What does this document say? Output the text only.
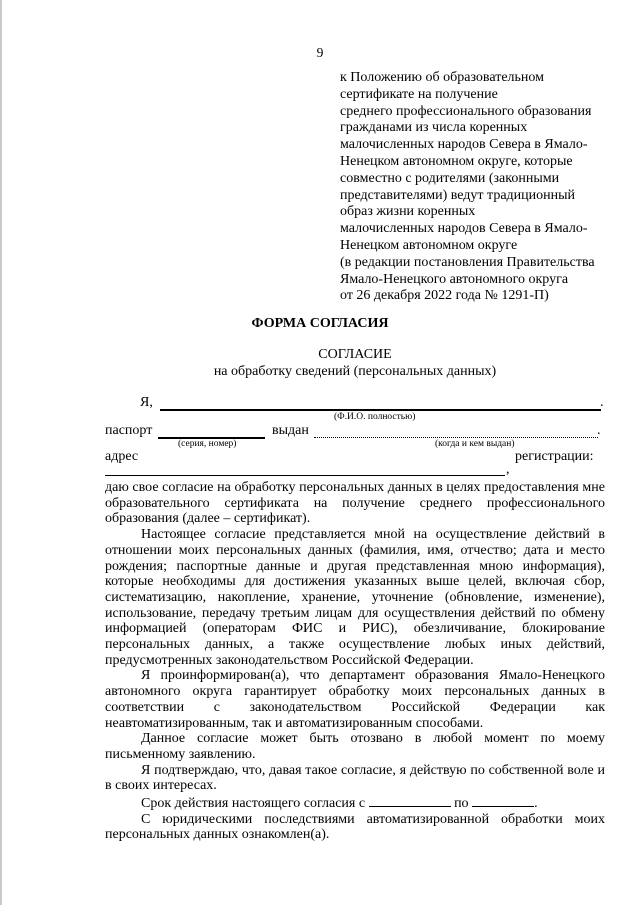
9
к Положению об образовательном
сертификате на получение
среднего профессионального образования
гражданами из числа коренных
малочисленных народов Севера в Ямало-
Ненецком автономном округе, которые
совместно с родителями (законными
представителями) ведут традиционный
образ жизни коренных
малочисленных народов Севера в Ямало-
Ненецком автономном округе
(в редакции постановления Правительства
Ямало-Ненецкого автономного округа
от 26 декабря 2022 года № 1291-П)
ФОРМА СОГЛАСИЯ
СОГЛАСИЕ
на обработку сведений (персональных данных)
Я,	.
(Ф.И.О. полностью)
паспорт	выдан	.
(серия, номер)	(когда и кем выдан)
адрес	регистрации:
,

даю свое согласие на обработку персональных данных в целях предоставления мне образовательного сертификата на получение среднего профессионального образования (далее – сертификат).

Настоящее согласие представляется мной на осуществление действий в отношении моих персональных данных (фамилия, имя, отчество; дата и место рождения; паспортные данные и другая представленная мною информация), которые необходимы для достижения указанных выше целей, включая сбор, систематизацию, накопление, хранение, уточнение (обновление, изменение), использование, передачу третьим лицам для осуществления действий по обмену информацией (операторам ФИС и РИС), обезличивание, блокирование персональных данных, а также осуществление любых иных действий, предусмотренных законодательством Российской Федерации.

Я проинформирован(а), что департамент образования Ямало-Ненецкого автономного округа гарантирует обработку моих персональных данных в соответствии с законодательством Российской Федерации как неавтоматизированным, так и автоматизированным способами.

Данное согласие может быть отозвано в любой момент по моему письменному заявлению.

Я подтверждаю, что, давая такое согласие, я действую по собственной воле и в своих интересах.

Срок действия настоящего согласия с	по	.

С юридическими последствиями автоматизированной обработки моих персональных данных ознакомлен(а).
